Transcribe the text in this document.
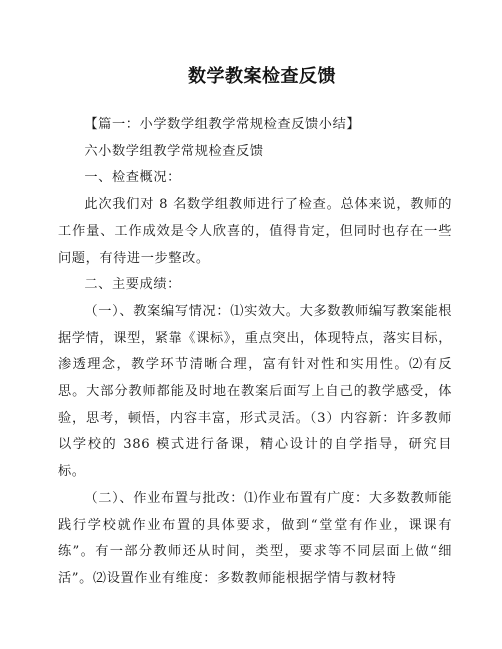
数学教案检查反馈

【篇一：小学数学组教学常规检查反馈小结】

六小数学组教学常规检查反馈

一、检查概况：

此次我们对 8 名数学组教师进行了检查。总体来说，教师的工作量、工作成效是令人欣喜的，值得肯定，但同时也存在一些问题，有待进一步整改。

二、主要成绩：

（一）、教案编写情况：⑴实效大。大多数教师编写教案能根据学情，课型，紧靠《课标》，重点突出，体现特点，落实目标，渗透理念，教学环节清晰合理，富有针对性和实用性。⑵有反思。大部分教师都能及时地在教案后面写上自己的教学感受，体验，思考，顿悟，内容丰富，形式灵活。（3）内容新：许多教师以学校的 386 模式进行备课，精心设计的自学指导，研究目标。

（二）、作业布置与批改：⑴作业布置有广度：大多数教师能践行学校就作业布置的具体要求，做到“堂堂有作业，课课有练”。有一部分教师还从时间，类型，要求等不同层面上做“细活”。⑵设置作业有维度：多数教师能根据学情与教材特
